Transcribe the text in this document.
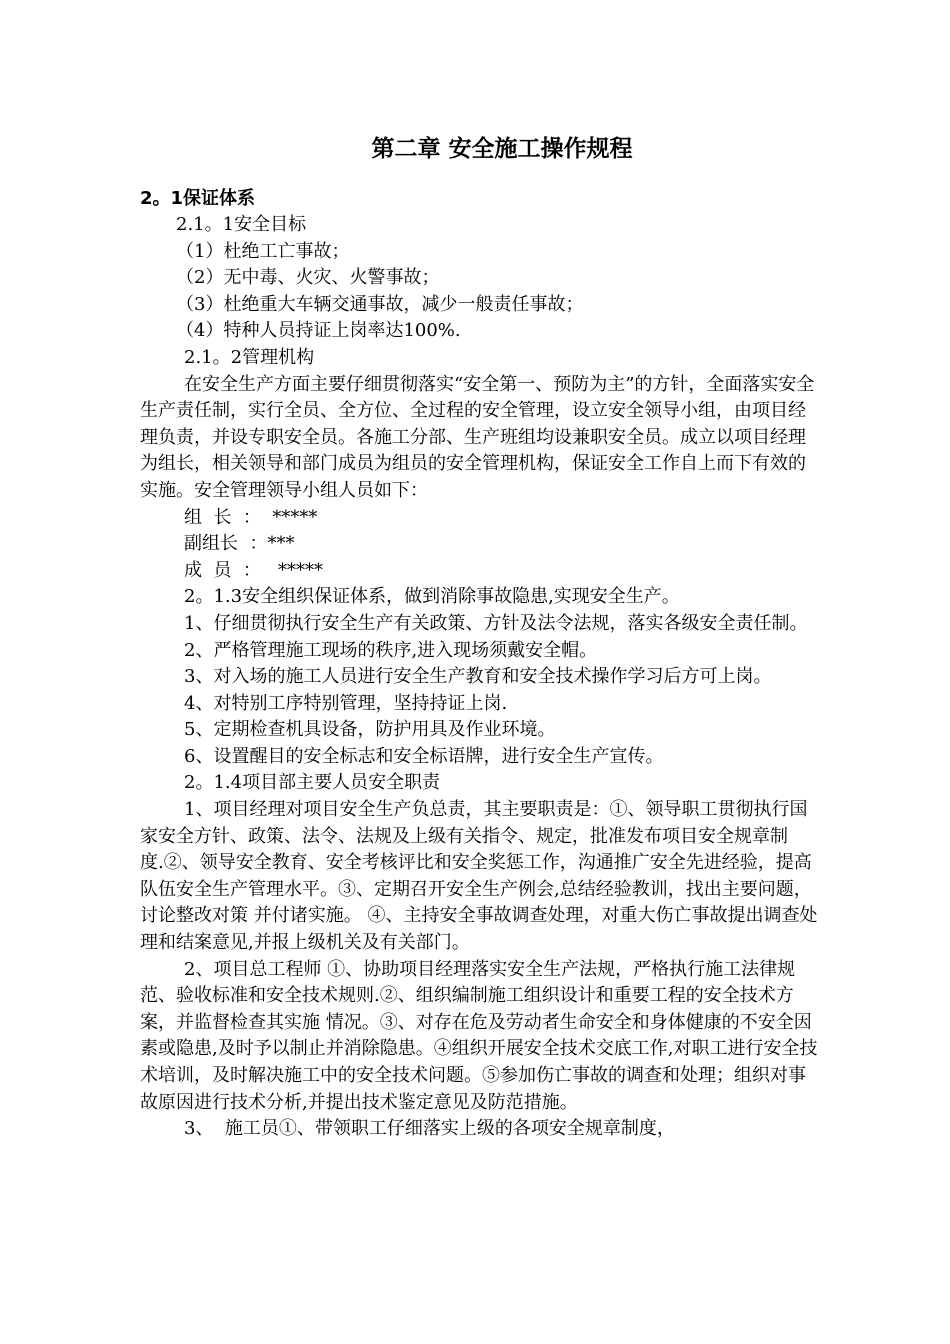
第二章 安全施工操作规程
2。1保证体系

2.1。1安全目标

（1）杜绝工亡事故；

（2）无中毒、火灾、火警事故；

（3）杜绝重大车辆交通事故，减少一般责任事故；

（4）特种人员持证上岗率达100%.

2.1。2管理机构

在安全生产方面主要仔细贯彻落实“安全第一、预防为主”的方针，全面落实安全生产责任制，实行全员、全方位、全过程的安全管理，设立安全领导小组，由项目经理负责，并设专职安全员。各施工分部、生产班组均设兼职安全员。成立以项目经理为组长，相关领导和部门成员为组员的安全管理机构，保证安全工作自上而下有效的实施。安全管理领导小组人员如下：

组  长  ：  *****

副组长  ：***

成  员  ：   *****

2。1.3安全组织保证体系，做到消除事故隐患,实现安全生产。

1、仔细贯彻执行安全生产有关政策、方针及法令法规，落实各级安全责任制。

2、严格管理施工现场的秩序,进入现场须戴安全帽。

3、对入场的施工人员进行安全生产教育和安全技术操作学习后方可上岗。

4、对特别工序特别管理，坚持持证上岗.

5、定期检查机具设备，防护用具及作业环境。

6、设置醒目的安全标志和安全标语牌，进行安全生产宣传。

2。1.4项目部主要人员安全职责

1、项目经理对项目安全生产负总责，其主要职责是：①、领导职工贯彻执行国家安全方针、政策、法令、法规及上级有关指令、规定，批准发布项目安全规章制度.②、领导安全教育、安全考核评比和安全奖惩工作，沟通推广安全先进经验，提高队伍安全生产管理水平。③、定期召开安全生产例会,总结经验教训，找出主要问题，讨论整改对策 并付诸实施。 ④、主持安全事故调查处理，对重大伤亡事故提出调查处理和结案意见,并报上级机关及有关部门。

2、项目总工程师 ①、协助项目经理落实安全生产法规，严格执行施工法律规范、验收标准和安全技术规则.②、组织编制施工组织设计和重要工程的安全技术方案，并监督检查其实施 情况。③、对存在危及劳动者生命安全和身体健康的不安全因素或隐患,及时予以制止并消除隐患。④组织开展安全技术交底工作,对职工进行安全技术培训，及时解决施工中的安全技术问题。⑤参加伤亡事故的调查和处理；组织对事故原因进行技术分析,并提出技术鉴定意见及防范措施。

3、  施工员①、带领职工仔细落实上级的各项安全规章制度，
